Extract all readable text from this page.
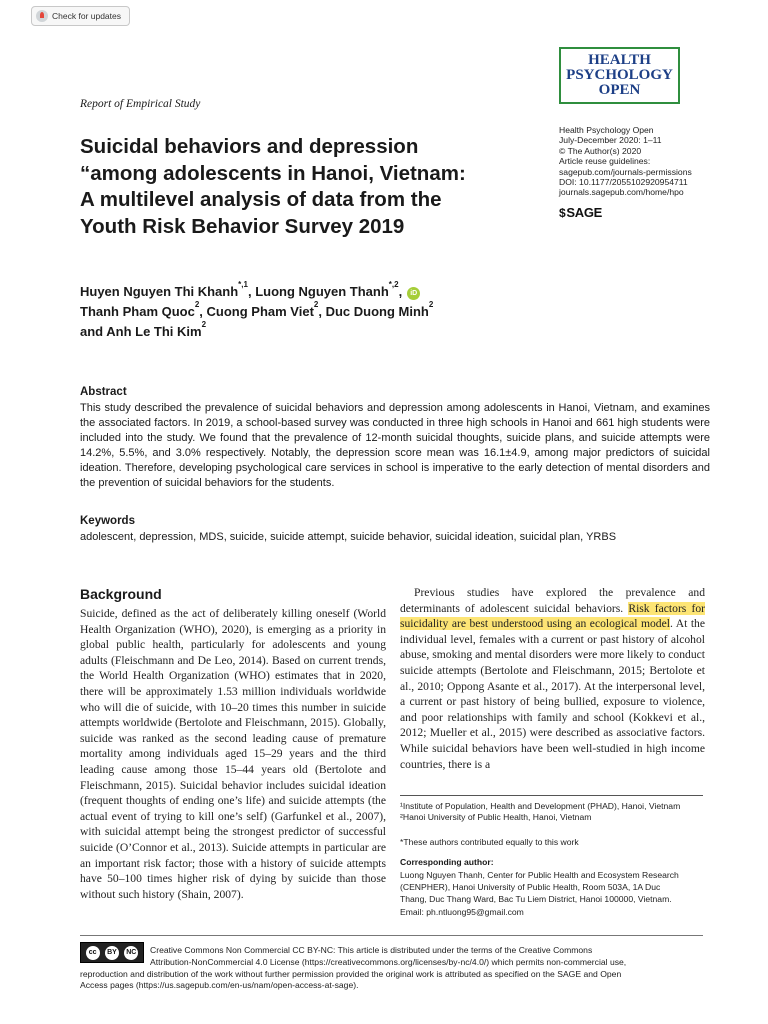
Check for updates
HEALTH
PSYCHOLOGY
OPEN
Report of Empirical Study
Health Psychology Open
July-December 2020: 1–11
© The Author(s) 2020
Article reuse guidelines:
sagepub.com/journals-permissions
DOI: 10.1177/2055102920954711
journals.sagepub.com/home/hpo
$ SAGE
Suicidal behaviors and depression
“among adolescents in Hanoi, Vietnam:
A multilevel analysis of data from the
Youth Risk Behavior Survey 2019
Huyen Nguyen Thi Khanh$^{*,1}$, Luong Nguyen Thanh$^{*,2}$, iD
Thanh Pham Quoc$^2$, Cuong Pham Viet$^2$, Duc Duong Minh$^2$
and Anh Le Thi Kim$^2$
Abstract
This study described the prevalence of suicidal behaviors and depression among adolescents in Hanoi, Vietnam, and examines the associated factors. In 2019, a school-based survey was conducted in three high schools in Hanoi and 661 high students were included into the study. We found that the prevalence of 12-month suicidal thoughts, suicide plans, and suicide attempts were 14.2%, 5.5%, and 3.0% respectively. Notably, the depression score mean was 16.1±4.9, among major predictors of suicidal ideation. Therefore, developing psychological care services in school is imperative to the early detection of mental disorders and the prevention of suicidal behaviors for the students.
Keywords
adolescent, depression, MDS, suicide, suicide attempt, suicide behavior, suicidal ideation, suicidal plan, YRBS
Background

Suicide, defined as the act of deliberately killing oneself (World Health Organization (WHO), 2020), is emerging as a priority in global public health, particularly for adolescents and young adults (Fleischmann and De Leo, 2014). Based on current trends, the World Health Organization (WHO) estimates that in 2020, there will be approximately 1.53 million individuals worldwide who will die of suicide, with 10–20 times this number in suicide attempts worldwide (Bertolote and Fleischmann, 2015). Globally, suicide was ranked as the second leading cause of premature mortality among individuals aged 15–29 years and the third leading cause among those 15–44 years old (Bertolote and Fleischmann, 2015). Suicidal behavior includes suicidal ideation (frequent thoughts of ending one’s life) and suicide attempts (the actual event of trying to kill one’s self) (Garfunkel et al., 2007), with suicidal attempt being the strongest predictor of successful suicide (O’Connor et al., 2013). Suicide attempts in particular are an important risk factor; those with a history of suicide attempts have 50–100 times higher risk of dying by suicide than those without such history (Shain, 2007).

Previous studies have explored the prevalence and determinants of adolescent suicidal behaviors. Risk factors for suicidality are best understood using an ecological model. At the individual level, females with a current or past history of alcohol abuse, smoking and mental disorders were more likely to conduct suicide attempts (Bertolote and Fleischmann, 2015; Bertolote et al., 2010; Oppong Asante et al., 2017). At the interpersonal level, a current or past history of being bullied, exposure to violence, and poor relationships with family and school (Kokkevi et al., 2012; Mueller et al., 2015) were described as associative factors. While suicidal behaviors have been well-studied in high income countries, there is a

¹Institute of Population, Health and Development (PHAD), Hanoi, Vietnam
²Hanoi University of Public Health, Hanoi, Vietnam
*These authors contributed equally to this work
Corresponding author:
Luong Nguyen Thanh, Center for Public Health and Ecosystem Research
(CENPHER), Hanoi University of Public Health, Room 503A, 1A Duc
Thang, Duc Thang Ward, Bac Tu Liem District, Hanoi 100000, Vietnam.
Email: ph.ntluong95@gmail.com
cc	BY	NC	Creative Commons Non Commercial CC BY-NC: This article is distributed under the terms of the Creative Commons
Attribution-NonCommercial 4.0 License (https://creativecommons.org/licenses/by-nc/4.0/) which permits non-commercial use,
reproduction and distribution of the work without further permission provided the original work is attributed as specified on the SAGE and Open
Access pages (https://us.sagepub.com/en-us/nam/open-access-at-sage).
